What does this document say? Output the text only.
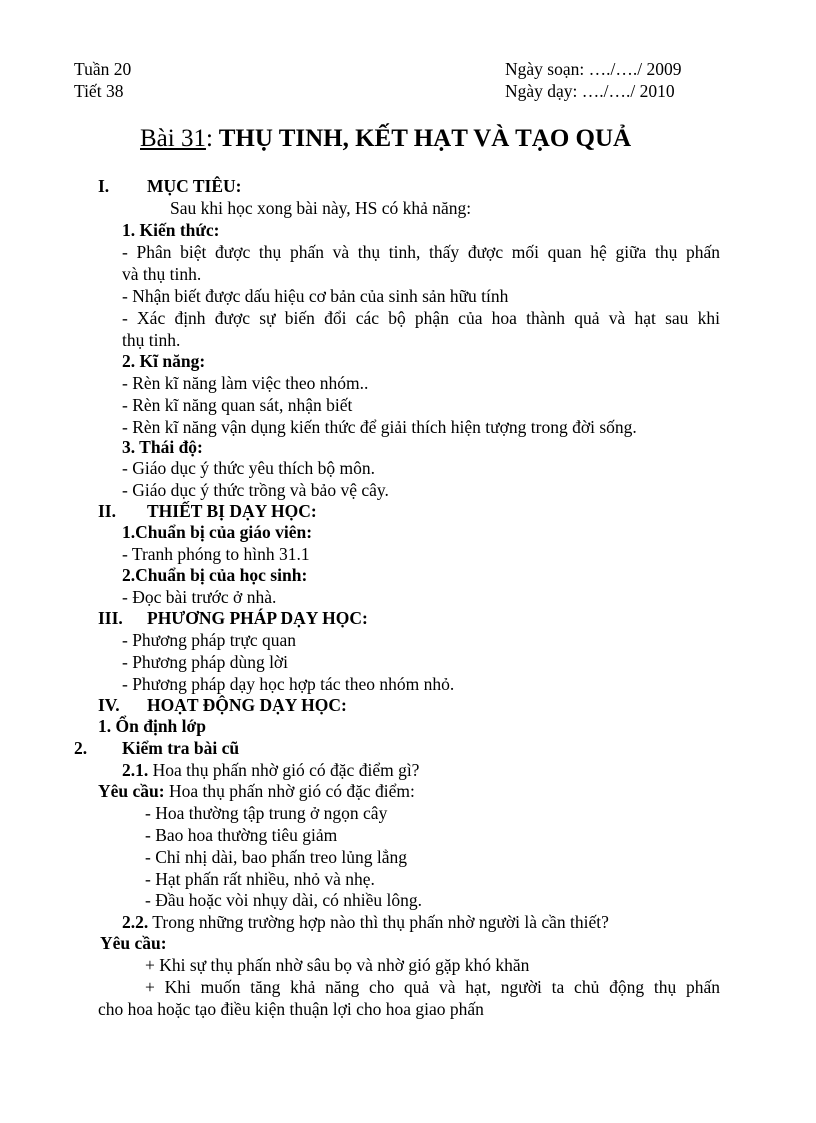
Tuần 20
Tiết 38
Ngày soạn: …./…./ 2009
Ngày dạy: …./…./ 2010
Bài 31: THỤ TINH, KẾT HẠT VÀ TẠO QUẢ
I. MỤC TIÊU:
Sau khi học xong bài này, HS có khả năng:
1. Kiến thức:
- Phân biệt được thụ phấn và thụ tinh, thấy được mối quan hệ giữa thụ phấn
và thụ tinh.
- Nhận biết được dấu hiệu cơ bản của sinh sản hữu tính
- Xác định được sự biến đổi các bộ phận của hoa thành quả và hạt sau khi
thụ tinh.
2. Kĩ năng:
- Rèn kĩ năng làm việc theo nhóm..
- Rèn kĩ năng quan sát, nhận biết
- Rèn kĩ năng vận dụng kiến thức để giải thích hiện tượng trong đời sống.
3. Thái độ:
- Giáo dục ý thức yêu thích bộ môn.
- Giáo dục ý thức trồng và bảo vệ cây.
II. THIẾT BỊ DẠY HỌC:
1.Chuẩn bị của giáo viên:
- Tranh phóng to hình 31.1
2.Chuẩn bị của học sinh:
- Đọc bài trước ở nhà.
III. PHƯƠNG PHÁP DẠY HỌC:
- Phương pháp trực quan
- Phương pháp dùng lời
- Phương pháp dạy học hợp tác theo nhóm nhỏ.
IV. HOẠT ĐỘNG DẠY HỌC:
1. Ổn định lớp
2. Kiểm tra bài cũ
2.1. Hoa thụ phấn nhờ gió có đặc điểm gì?
Yêu cầu: Hoa thụ phấn nhờ gió có đặc điểm:
- Hoa thường tập trung ở ngọn cây
- Bao hoa thường tiêu giảm
- Chỉ nhị dài, bao phấn treo lủng lẳng
- Hạt phấn rất nhiều, nhỏ và nhẹ.
- Đầu hoặc vòi nhụy dài, có nhiều lông.
2.2. Trong những trường hợp nào thì thụ phấn nhờ người là cần thiết?
Yêu cầu:
+ Khi sự thụ phấn nhờ sâu bọ và nhờ gió gặp khó khăn
+ Khi muốn tăng khả năng cho quả và hạt, người ta chủ động thụ phấn
cho hoa hoặc tạo điều kiện thuận lợi cho hoa giao phấn
